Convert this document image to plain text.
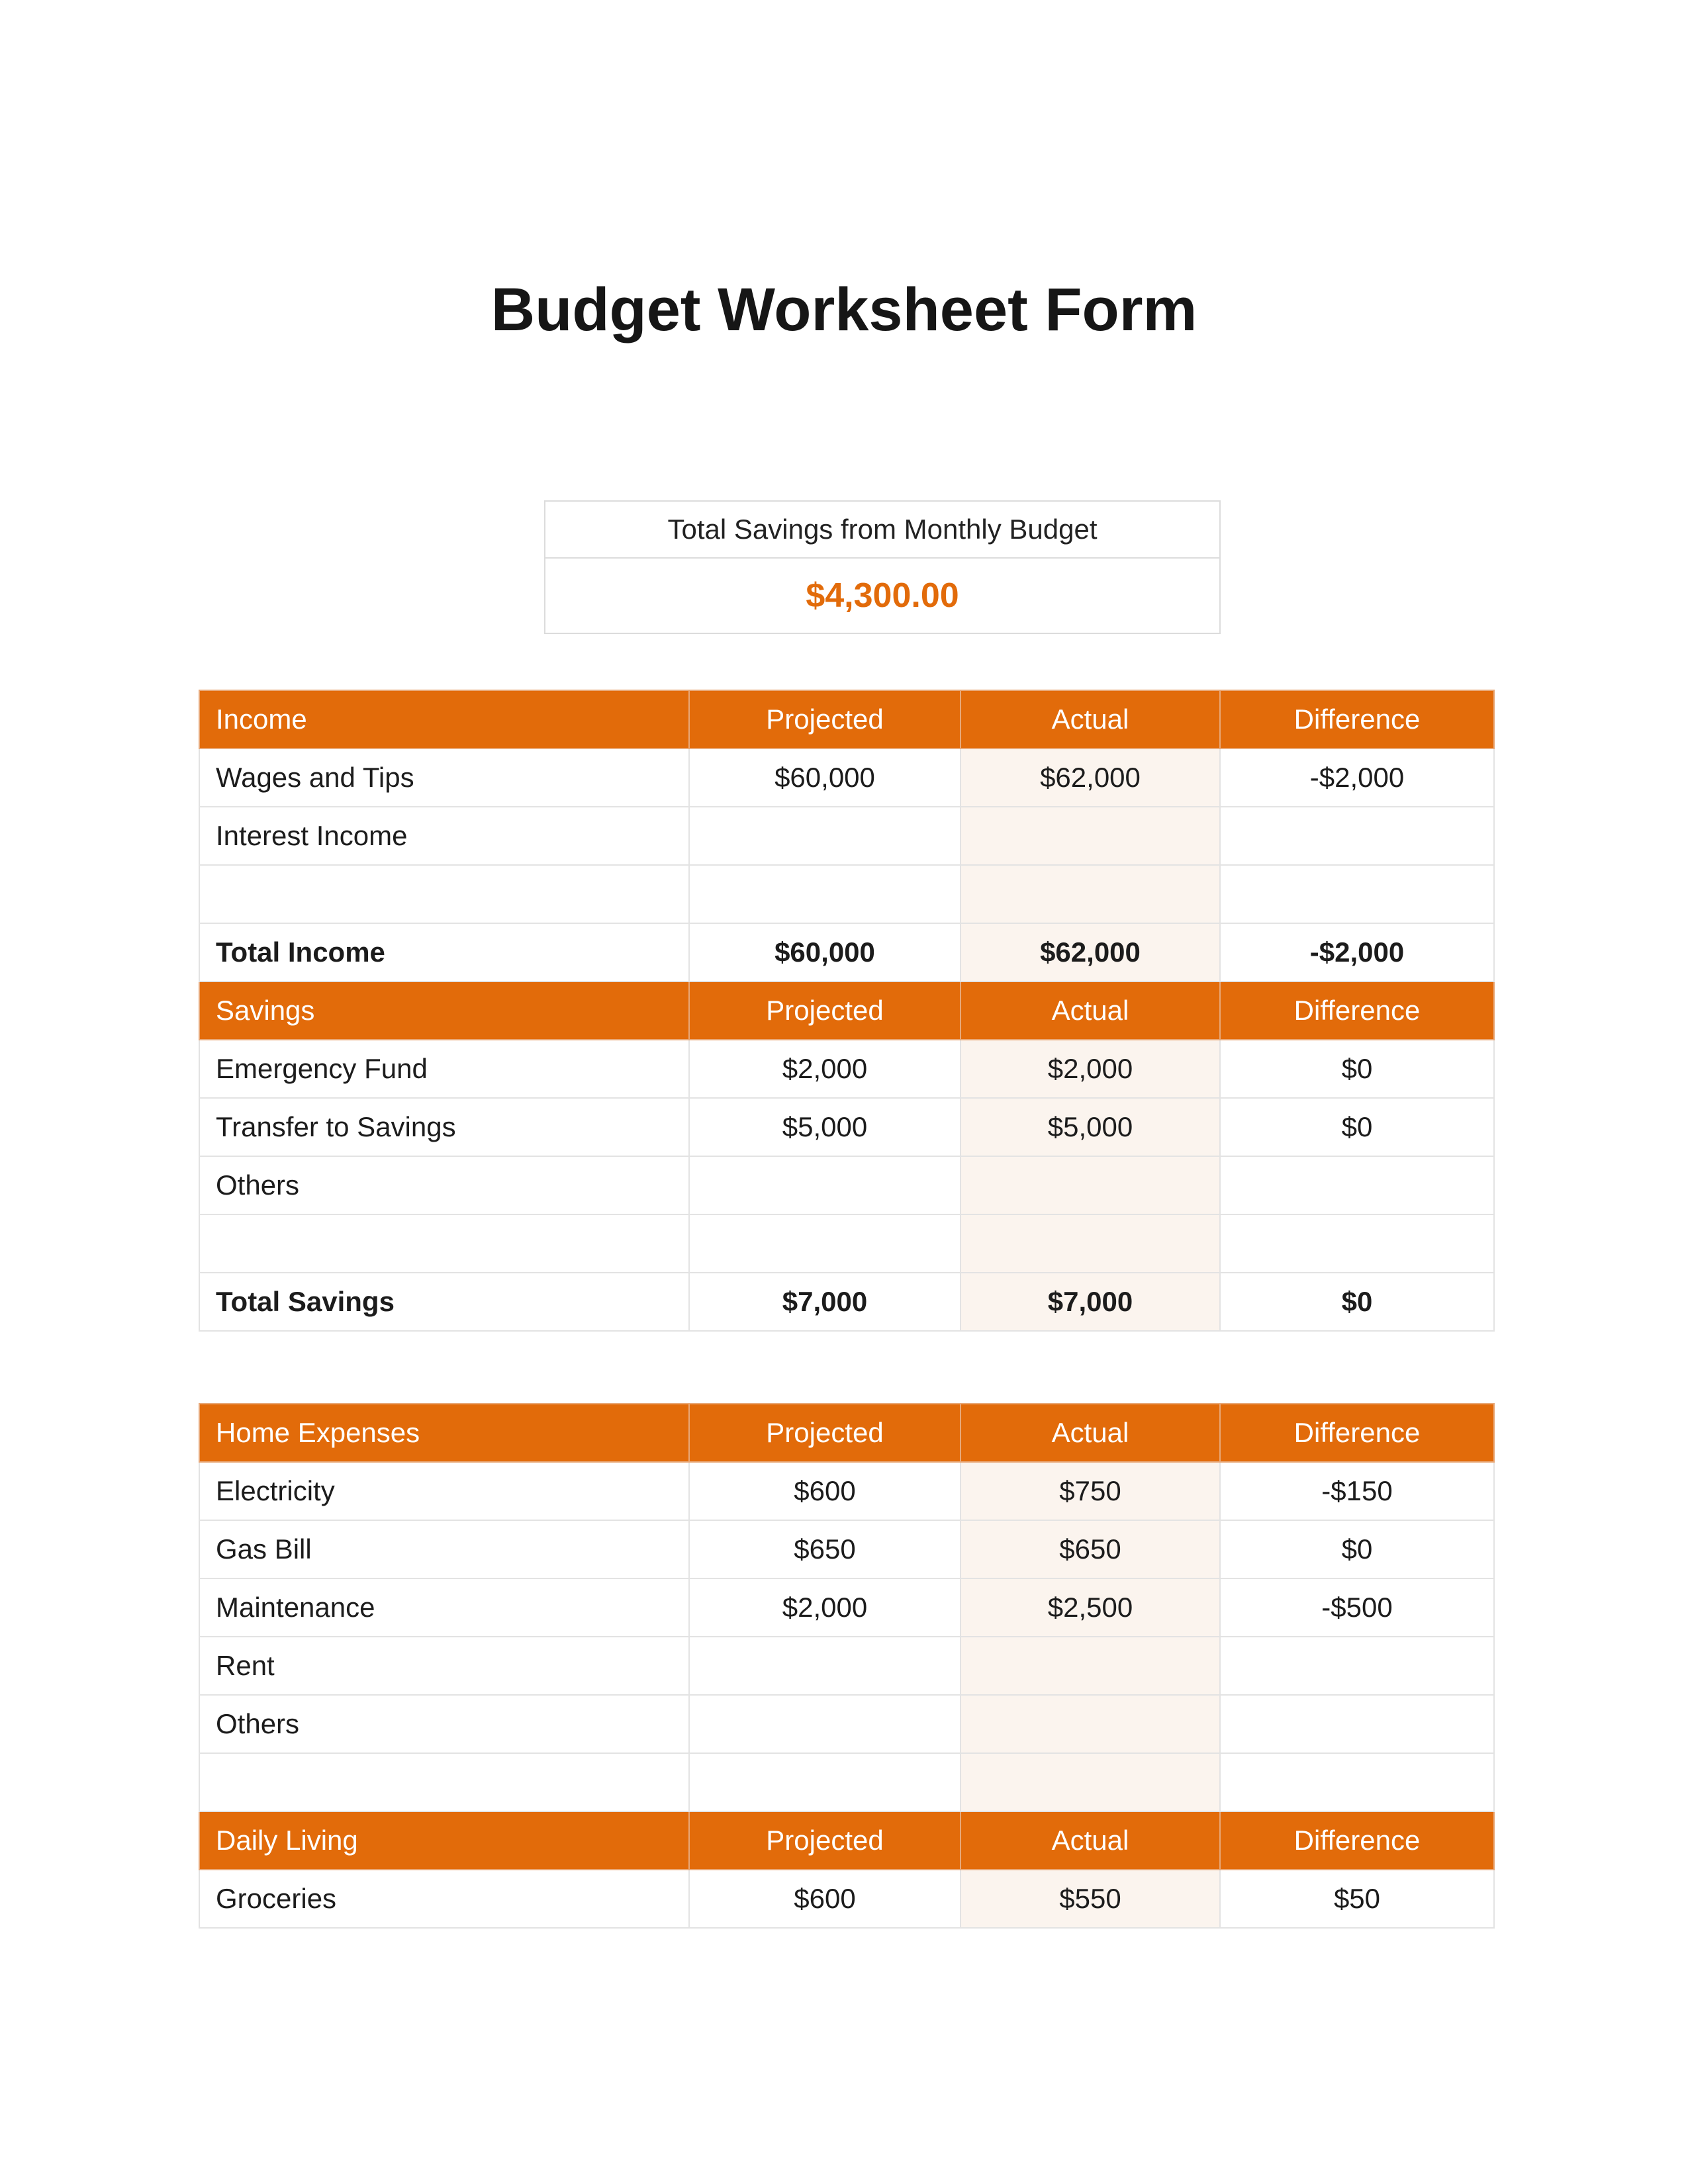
Budget Worksheet Form
Total Savings from Monthly Budget
$4,300.00
Income	Projected	Actual	Difference
Wages and Tips	$60,000	$62,000	-$2,000
Interest Income			

Total Income	$60,000	$62,000	-$2,000
Savings	Projected	Actual	Difference
Emergency Fund	$2,000	$2,000	$0
Transfer to Savings	$5,000	$5,000	$0
Others			

Total Savings	$7,000	$7,000	$0
Home Expenses	Projected	Actual	Difference
Electricity	$600	$750	-$150
Gas Bill	$650	$650	$0
Maintenance	$2,000	$2,500	-$500
Rent			
Others			

Daily Living	Projected	Actual	Difference
Groceries	$600	$550	$50
